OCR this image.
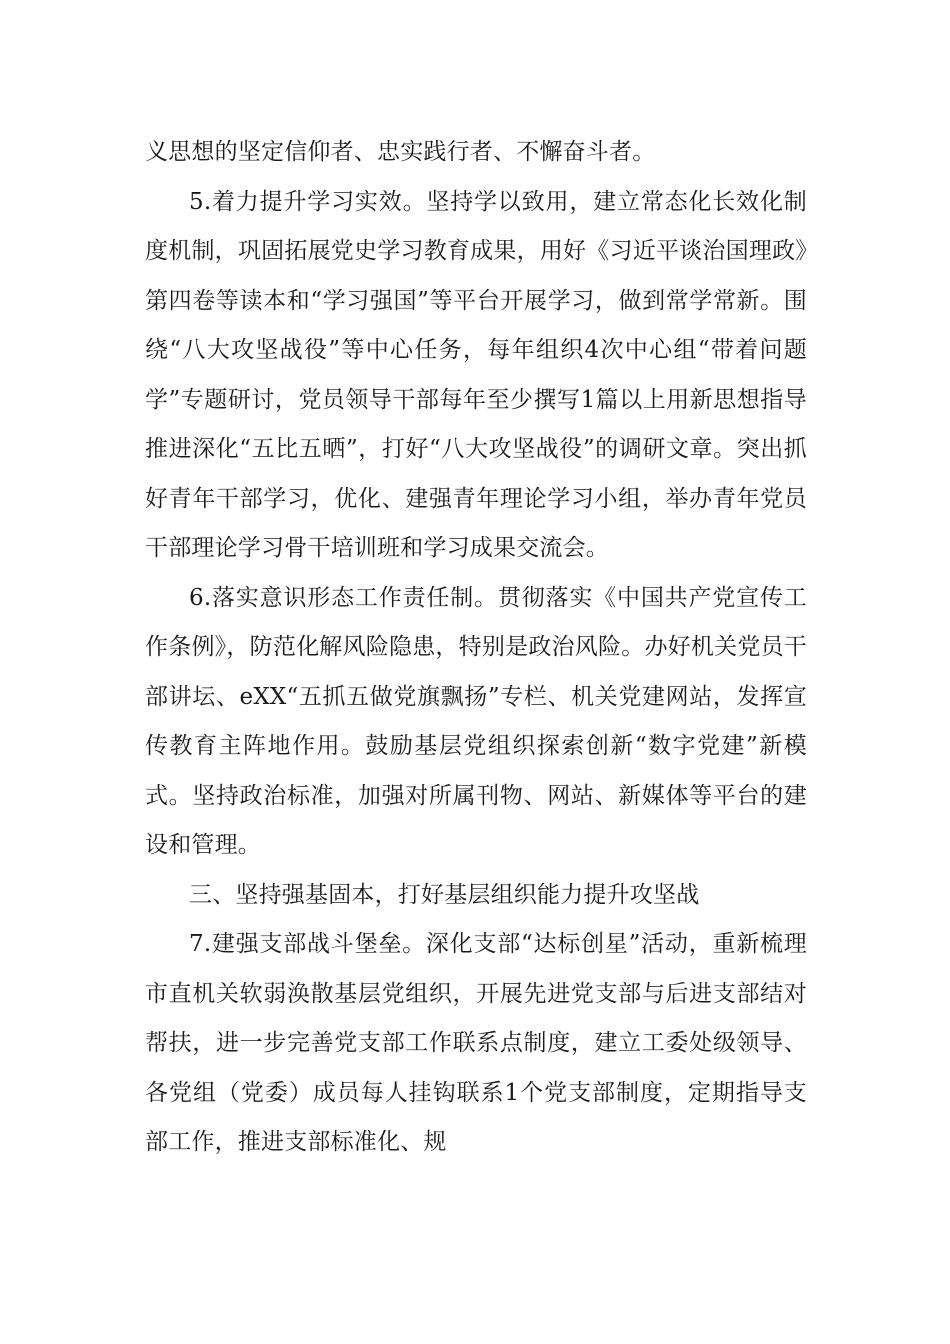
义思想的坚定信仰者、忠实践行者、不懈奋斗者。

5.着力提升学习实效。坚持学以致用，建立常态化长效化制度机制，巩固拓展党史学习教育成果，用好《习近平谈治国理政》第四卷等读本和“学习强国”等平台开展学习，做到常学常新。围绕“八大攻坚战役”等中心任务，每年组织4次中心组“带着问题学”专题研讨，党员领导干部每年至少撰写1篇以上用新思想指导推进深化“五比五晒”，打好“八大攻坚战役”的调研文章。突出抓好青年干部学习，优化、建强青年理论学习小组，举办青年党员干部理论学习骨干培训班和学习成果交流会。

6.落实意识形态工作责任制。贯彻落实《中国共产党宣传工作条例》，防范化解风险隐患，特别是政治风险。办好机关党员干部讲坛、eXX“五抓五做党旗飘扬”专栏、机关党建网站，发挥宣传教育主阵地作用。鼓励基层党组织探索创新“数字党建”新模式。坚持政治标准，加强对所属刊物、网站、新媒体等平台的建设和管理。

三、坚持强基固本，打好基层组织能力提升攻坚战

7.建强支部战斗堡垒。深化支部“达标创星”活动，重新梳理市直机关软弱涣散基层党组织，开展先进党支部与后进支部结对帮扶，进一步完善党支部工作联系点制度，建立工委处级领导、各党组（党委）成员每人挂钩联系1个党支部制度，定期指导支部工作，推进支部标准化、规
